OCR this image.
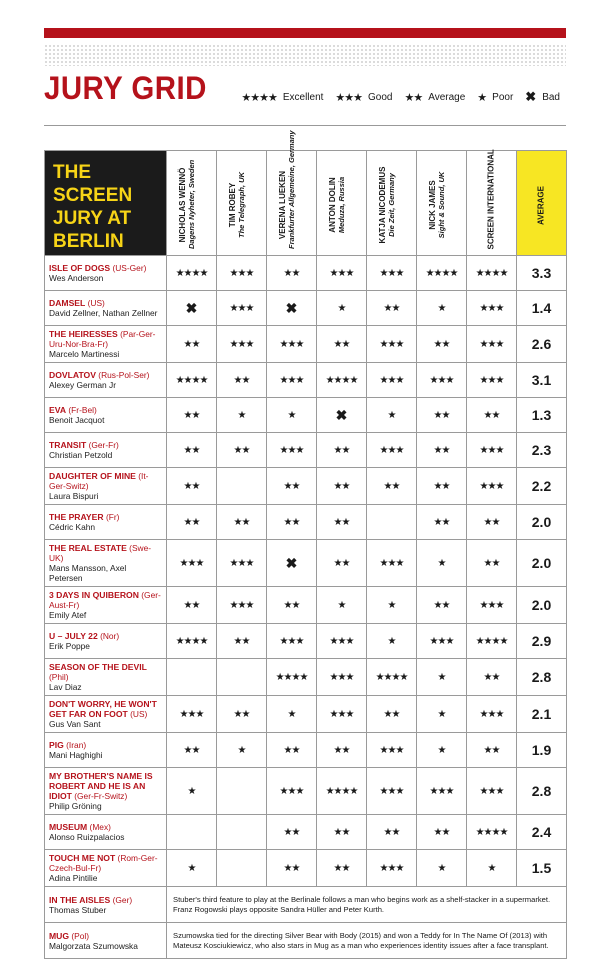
JURY GRID	★★★★ Excellent ★★★ Good ★★ Average ★ Poor ✖ Bad
THE SCREEN JURY AT BERLIN	NICHOLAS WENNÖ Dagens Nyheter, Sweden	TIM ROBEY The Telegraph, UK	VERENA LUEKEN Frankfurter Allgemeine, Germany	ANTON DOLIN Meduza, Russia	KATJA NICODEMUS Die Zeit, Germany	NICK JAMES Sight & Sound, UK	SCREEN INTERNATIONAL	AVERAGE

ISLE OF DOGS (US-Ger)
Wes Anderson	★★★★	★★★	★★	★★★	★★★	★★★★	★★★★	3.3
DAMSEL (US)
David Zellner, Nathan Zellner	✖	★★★	✖	★	★★	★	★★★	1.4
THE HEIRESSES (Par-Ger-Uru-Nor-Bra-Fr)
Marcelo Martinessi	★★	★★★	★★★	★★	★★★	★★	★★★	2.6
DOVLATOV (Rus-Pol-Ser)
Alexey German Jr	★★★★	★★	★★★	★★★★	★★★	★★★	★★★	3.1
EVA (Fr-Bel)
Benoit Jacquot	★★	★	★	✖	★	★★	★★	1.3
TRANSIT (Ger-Fr)
Christian Petzold	★★	★★	★★★	★★	★★★	★★	★★★	2.3
DAUGHTER OF MINE (It-Ger-Switz)
Laura Bispuri	★★		★★	★★	★★	★★	★★★	2.2
THE PRAYER (Fr)
Cédric Kahn	★★	★★	★★	★★		★★	★★	2.0
THE REAL ESTATE (Swe-UK)
Mans Mansson, Axel Petersen	★★★	★★★	✖	★★	★★★	★	★★	2.0
3 DAYS IN QUIBERON (Ger-Aust-Fr)
Emily Atef	★★	★★★	★★	★	★	★★	★★★	2.0
U – JULY 22 (Nor)
Erik Poppe	★★★★	★★	★★★	★★★	★	★★★	★★★★	2.9
SEASON OF THE DEVIL (Phil)
Lav Diaz			★★★★	★★★	★★★★	★	★★	2.8
DON'T WORRY, HE WON'T GET FAR ON FOOT (US)
Gus Van Sant	★★★	★★	★	★★★	★★	★	★★★	2.1
PIG (Iran)
Mani Haghighi	★★	★	★★	★★	★★★	★	★★	1.9
MY BROTHER'S NAME IS ROBERT AND HE IS AN IDIOT (Ger-Fr-Switz)
Philip Gröning	★		★★★	★★★★	★★★	★★★	★★★	2.8
MUSEUM (Mex)
Alonso Ruizpalacios			★★	★★	★★	★★	★★★★	2.4
TOUCH ME NOT (Rom-Ger-Czech-Bul-Fr)
Adina Pintilie	★		★★	★★	★★★	★	★	1.5
IN THE AISLES (Ger)
Thomas Stuber	Stuber's third feature to play at the Berlinale follows a man who begins work as a shelf-stacker in a supermarket. Franz Rogowski plays opposite Sandra Hüller and Peter Kurth.							
MUG (Pol)
Malgorzata Szumowska	Szumowska tied for the directing Silver Bear with Body (2015) and won a Teddy for In The Name Of (2013) with Mateusz Kosciukiewicz, who also stars in Mug as a man who experiences identity issues after a face transplant.							
